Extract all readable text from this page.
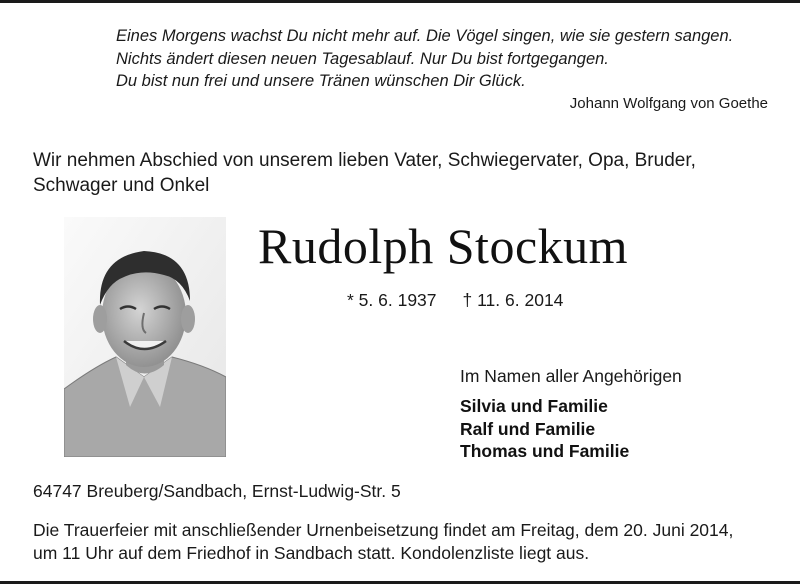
Eines Morgens wachst Du nicht mehr auf. Die Vögel singen, wie sie gestern sangen.
Nichts ändert diesen neuen Tagesablauf. Nur Du bist fortgegangen.
Du bist nun frei und unsere Tränen wünschen Dir Glück.
Johann Wolfgang von Goethe
Wir nehmen Abschied von unserem lieben Vater, Schwiegervater, Opa, Bruder,
Schwager und Onkel
Rudolph Stockum
* 5. 6. 1937 † 11. 6. 2014
Im Namen aller Angehörigen
Silvia und Familie
Ralf und Familie
Thomas und Familie
64747 Breuberg/Sandbach, Ernst-Ludwig-Str. 5
Die Trauerfeier mit anschließender Urnenbeisetzung findet am Freitag, dem 20. Juni 2014,
um 11 Uhr auf dem Friedhof in Sandbach statt. Kondolenzliste liegt aus.
